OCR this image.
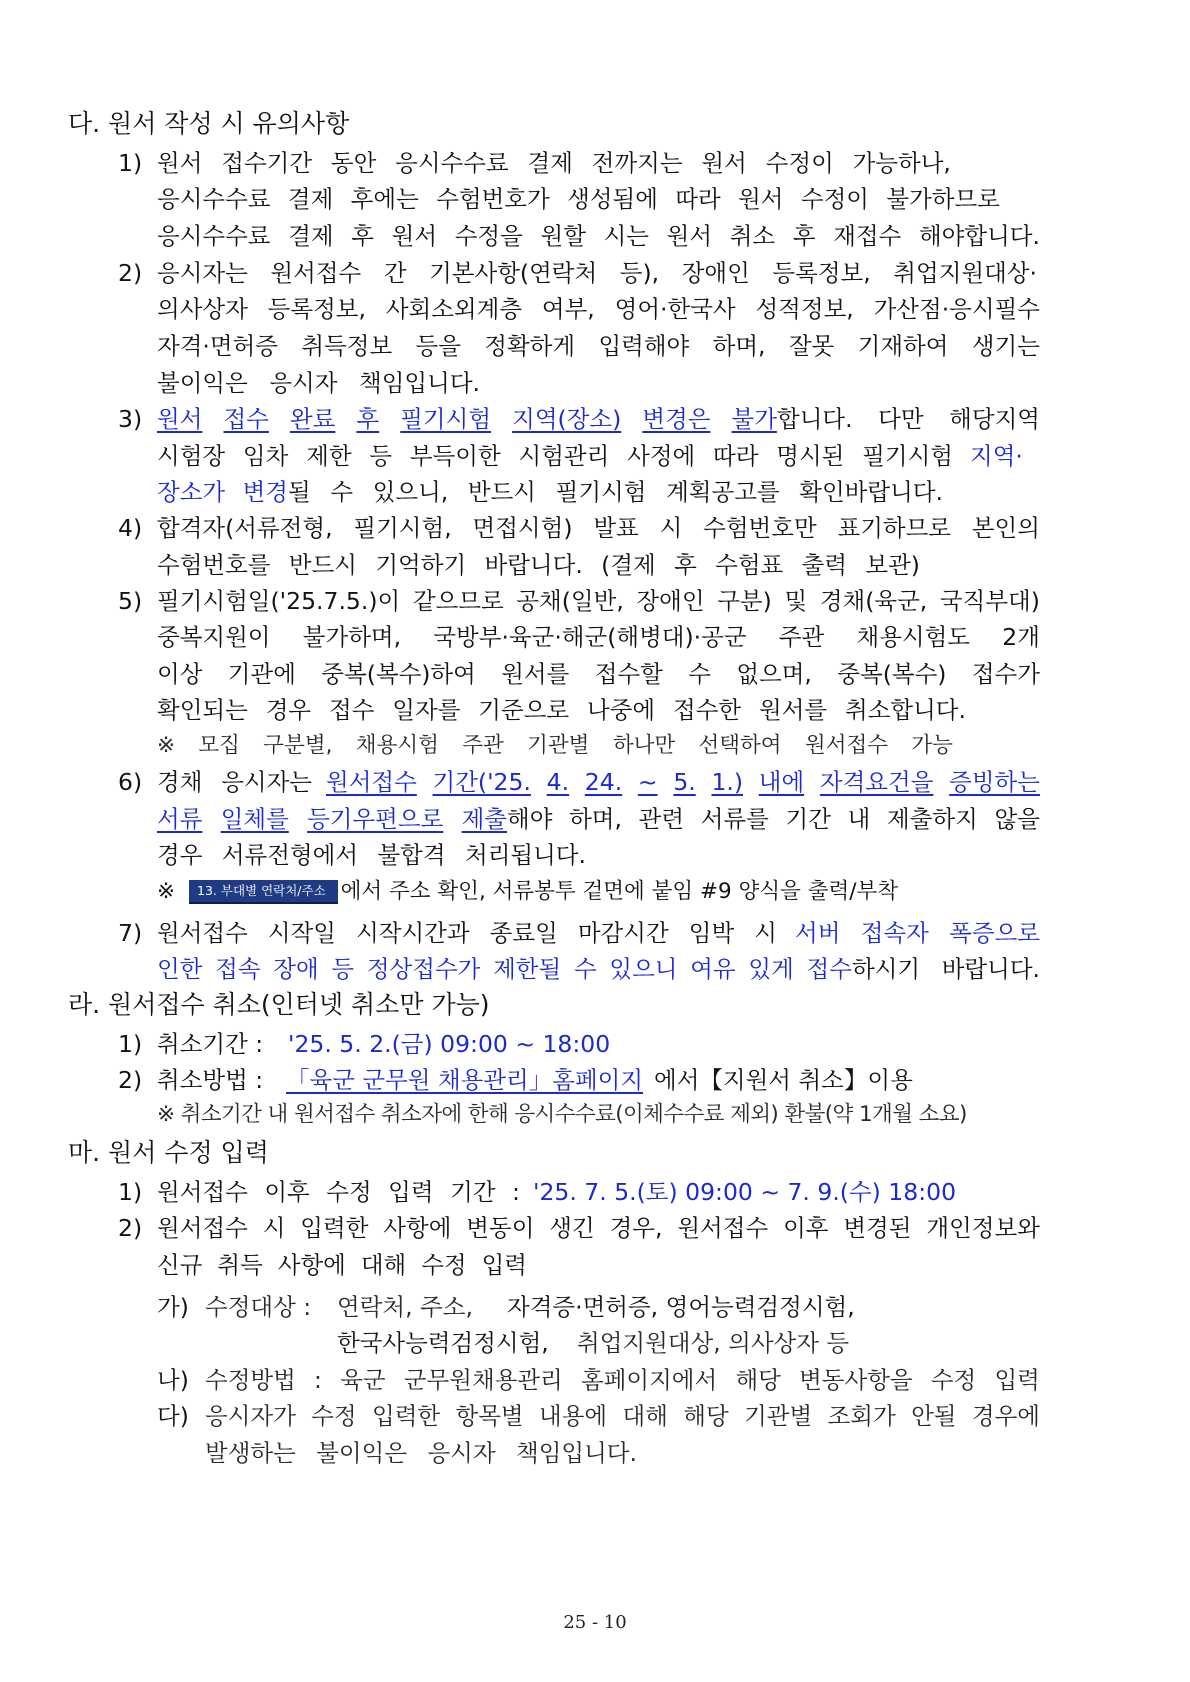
다. 원서 작성 시 유의사항
1) 원서 접수기간 동안 응시수수료 결제 전까지는 원서 수정이 가능하나,
응시수수료 결제 후에는 수험번호가 생성됨에 따라 원서 수정이 불가하므로
응시수수료 결제 후 원서 수정을 원할 시는 원서 취소 후 재접수 해야합니다.
2) 응시자는 원서접수 간 기본사항(연락처 등), 장애인 등록정보, 취업지원대상·
의사상자 등록정보, 사회소외계층 여부, 영어·한국사 성적정보, 가산점·응시필수
자격·면허증 취득정보 등을 정확하게 입력해야 하며, 잘못 기재하여 생기는
불이익은 응시자 책임입니다.
3) 원서 접수 완료 후 필기시험 지역(장소) 변경은 불가 합니다. 다만 해당지역
시험장 임차 제한 등 부득이한 시험관리 사정에 따라 명시된 필기시험 지역·
장소가 변경 될 수 있으니, 반드시 필기시험 계획공고를 확인바랍니다.
4) 합격자(서류전형, 필기시험, 면접시험) 발표 시 수험번호만 표기하므로 본인의
수험번호를 반드시 기억하기 바랍니다. (결제 후 수험표 출력 보관)
5) 필기시험일('25.7.5.)이 같으므로 공채(일반, 장애인 구분) 및 경채(육군, 국직부대)
중복지원이 불가하며, 국방부·육군·해군(해병대)·공군 주관 채용시험도 2개
이상 기관에 중복(복수)하여 원서를 접수할 수 없으며, 중복(복수) 접수가
확인되는 경우 접수 일자를 기준으로 나중에 접수한 원서를 취소합니다.
※ 모집 구분별, 채용시험 주관 기관별 하나만 선택하여 원서접수 가능
6) 경채 응시자는 원서접수 기간('25. 4. 24. ~ 5. 1.) 내에 자격요건을 증빙하는
서류 일체를 등기우편으로 제출 해야 하며, 관련 서류를 기간 내 제출하지 않을
경우 서류전형에서 불합격 처리됩니다.
※	13. 부대별 연락처/주소 에서 주소 확인, 서류봉투 겉면에 붙임 #9 양식을 출력/부착
7) 원서접수 시작일 시작시간과 종료일 마감시간 임박 시 서버 접속자 폭증으로
인한 접속 장애 등 정상접수가 제한될 수 있으니 여유 있게 접수 하시기 바랍니다.
라. 원서접수 취소(인터넷 취소만 가능)
1) 취소기간 : '25. 5. 2.(금) 09:00 ~ 18:00
2) 취소방법 : 「육군 군무원 채용관리」홈페이지 에서【지원서 취소】이용
※ 취소기간 내 원서접수 취소자에 한해 응시수수료(이체수수료 제외) 환불(약 1개월 소요)
마. 원서 수정 입력
1) 원서접수 이후 수정 입력 기간 : '25. 7. 5.(토) 09:00 ~ 7. 9.(수) 18:00
2) 원서접수 시 입력한 사항에 변동이 생긴 경우, 원서접수 이후 변경된 개인정보와
신규 취득 사항에 대해 수정 입력
가) 수정대상 : 연락처, 주소, 자격증·면허증, 영어능력검정시험,
한국사능력검정시험, 취업지원대상, 의사상자 등
나) 수정방법 : 육군 군무원채용관리 홈페이지에서 해당 변동사항을 수정 입력
다) 응시자가 수정 입력한 항목별 내용에 대해 해당 기관별 조회가 안될 경우에
발생하는 불이익은 응시자 책임입니다.
25 - 10
